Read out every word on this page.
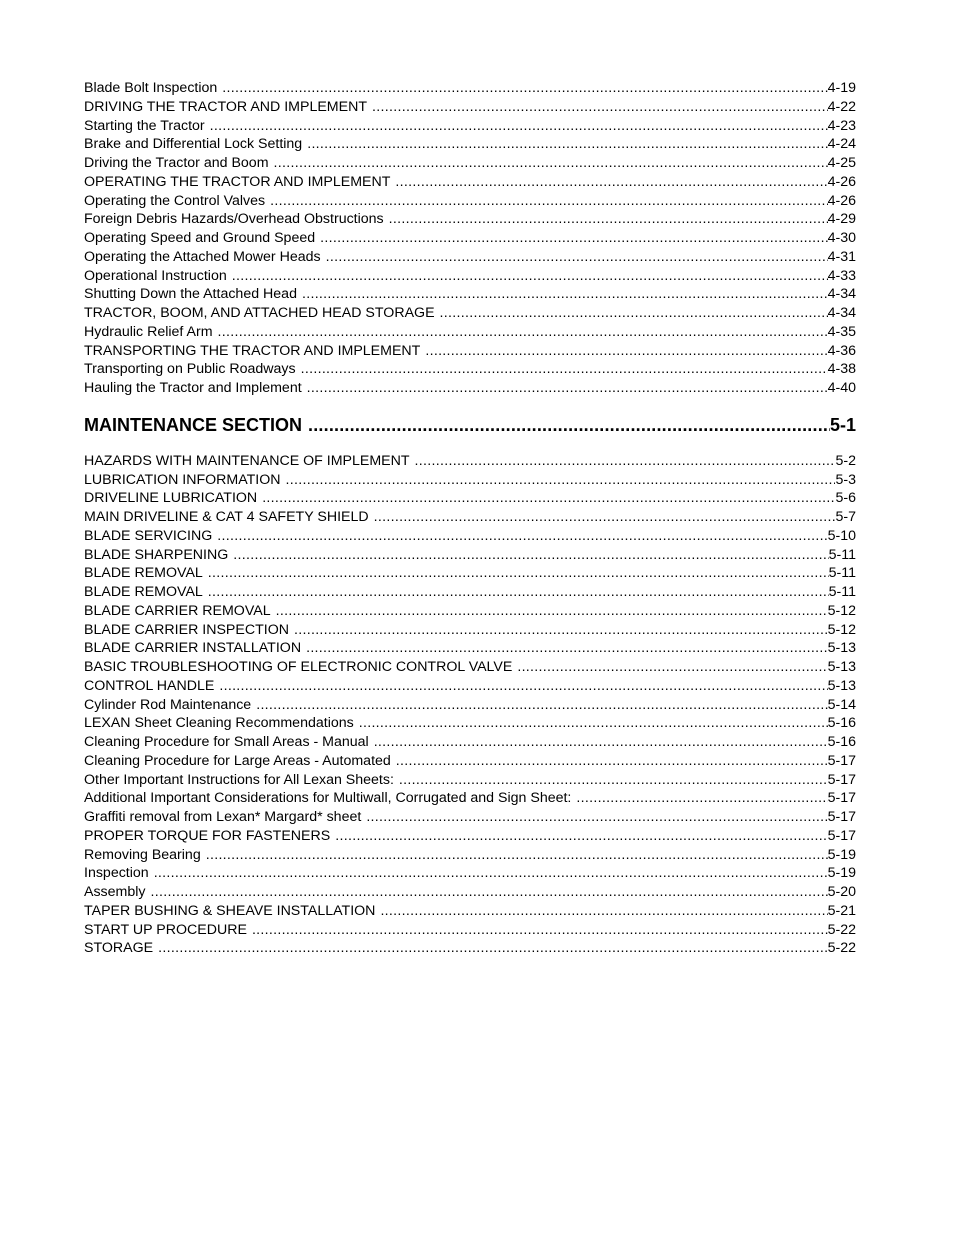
Blade Bolt Inspection .....	4-19
DRIVING THE TRACTOR AND IMPLEMENT .....	4-22
Starting the Tractor .....	4-23
Brake and Differential Lock Setting .....	4-24
Driving the Tractor and Boom .....	4-25
OPERATING THE TRACTOR AND IMPLEMENT .....	4-26
Operating the Control Valves .....	4-26
Foreign Debris Hazards/Overhead Obstructions .....	4-29
Operating Speed and Ground Speed .....	4-30
Operating the Attached Mower Heads .....	4-31
Operational Instruction .....	4-33
Shutting Down the Attached Head .....	4-34
TRACTOR, BOOM, AND ATTACHED HEAD STORAGE .....	4-34
Hydraulic Relief Arm .....	4-35
TRANSPORTING THE TRACTOR AND IMPLEMENT .....	4-36
Transporting on Public Roadways .....	4-38
Hauling the Tractor and Implement .....	4-40
MAINTENANCE SECTION .....	5-1
HAZARDS WITH MAINTENANCE OF IMPLEMENT .....	5-2
LUBRICATION INFORMATION .....	5-3
DRIVELINE LUBRICATION .....	5-6
MAIN DRIVELINE & CAT 4 SAFETY SHIELD .....	5-7
BLADE SERVICING .....	5-10
BLADE SHARPENING .....	5-11
BLADE REMOVAL .....	5-11
BLADE REMOVAL .....	5-11
BLADE CARRIER REMOVAL .....	5-12
BLADE CARRIER INSPECTION .....	5-12
BLADE CARRIER INSTALLATION .....	5-13
BASIC TROUBLESHOOTING OF ELECTRONIC CONTROL VALVE .....	5-13
CONTROL HANDLE .....	5-13
Cylinder Rod Maintenance .....	5-14
LEXAN Sheet Cleaning Recommendations .....	5-16
Cleaning Procedure for Small Areas - Manual .....	5-16
Cleaning Procedure for Large Areas - Automated .....	5-17
Other Important Instructions for All Lexan Sheets: .....	5-17
Additional Important Considerations for Multiwall, Corrugated and Sign Sheet: .....	5-17
Graffiti removal from Lexan* Margard* sheet .....	5-17
PROPER TORQUE FOR FASTENERS .....	5-17
Removing Bearing .....	5-19
Inspection .....	5-19
Assembly .....	5-20
TAPER BUSHING & SHEAVE INSTALLATION .....	5-21
START UP PROCEDURE .....	5-22
STORAGE .....	5-22
